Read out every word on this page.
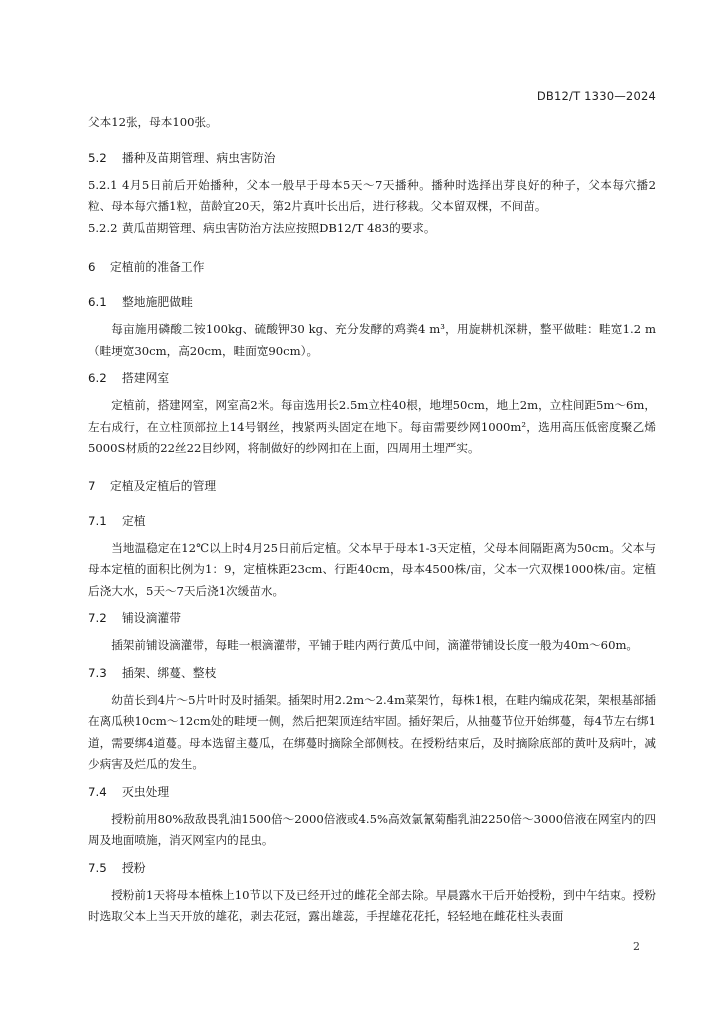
DB12/T 1330—2024

父本12张，母本100张。

5.2 播种及苗期管理、病虫害防治

5.2.1 4月5日前后开始播种，父本一般早于母本5天～7天播种。播种时选择出芽良好的种子，父本每穴播2粒、母本每穴播1粒，苗龄宜20天，第2片真叶长出后，进行移栽。父本留双棵，不间苗。

5.2.2 黄瓜苗期管理、病虫害防治方法应按照DB12/T 483的要求。

6 定植前的准备工作
6.1 整地施肥做畦

每亩施用磷酸二铵100kg、硫酸钾30 kg、充分发酵的鸡粪4 m³，用旋耕机深耕，整平做畦：畦宽1.2 m（畦埂宽30cm，高20cm，畦面宽90cm）。

6.2 搭建网室

定植前，搭建网室，网室高2米。每亩选用长2.5m立柱40根，地埋50cm，地上2m，立柱间距5m～6m，左右成行，在立柱顶部拉上14号钢丝，拽紧两头固定在地下。每亩需要纱网1000m²，选用高压低密度聚乙烯5000S材质的22丝22目纱网，将制做好的纱网扣在上面，四周用土埋严实。

7 定植及定植后的管理
7.1 定植

当地温稳定在12℃以上时4月25日前后定植。父本早于母本1-3天定植，父母本间隔距离为50cm。父本与母本定植的面积比例为1：9，定植株距23cm、行距40cm，母本4500株/亩，父本一穴双棵1000株/亩。定植后浇大水，5天～7天后浇1次缓苗水。

7.2 铺设滴灌带

插架前铺设滴灌带，每畦一根滴灌带，平铺于畦内两行黄瓜中间，滴灌带铺设长度一般为40m～60m。

7.3 插架、绑蔓、整枝

幼苗长到4片～5片叶时及时插架。插架时用2.2m～2.4m菜架竹，每株1根，在畦内编成花架，架根基部插在离瓜秧10cm～12cm处的畦埂一侧，然后把架顶连结牢固。插好架后，从抽蔓节位开始绑蔓，每4节左右绑1道，需要绑4道蔓。母本选留主蔓瓜，在绑蔓时摘除全部侧枝。在授粉结束后，及时摘除底部的黄叶及病叶，减少病害及烂瓜的发生。

7.4 灭虫处理

授粉前用80%敌敌畏乳油1500倍～2000倍液或4.5%高效氯氰菊酯乳油2250倍～3000倍液在网室内的四周及地面喷施，消灭网室内的昆虫。

7.5 授粉

授粉前1天将母本植株上10节以下及已经开过的雌花全部去除。早晨露水干后开始授粉，到中午结束。授粉时选取父本上当天开放的雄花，剥去花冠，露出雄蕊，手捏雄花花托，轻轻地在雌花柱头表面

2
